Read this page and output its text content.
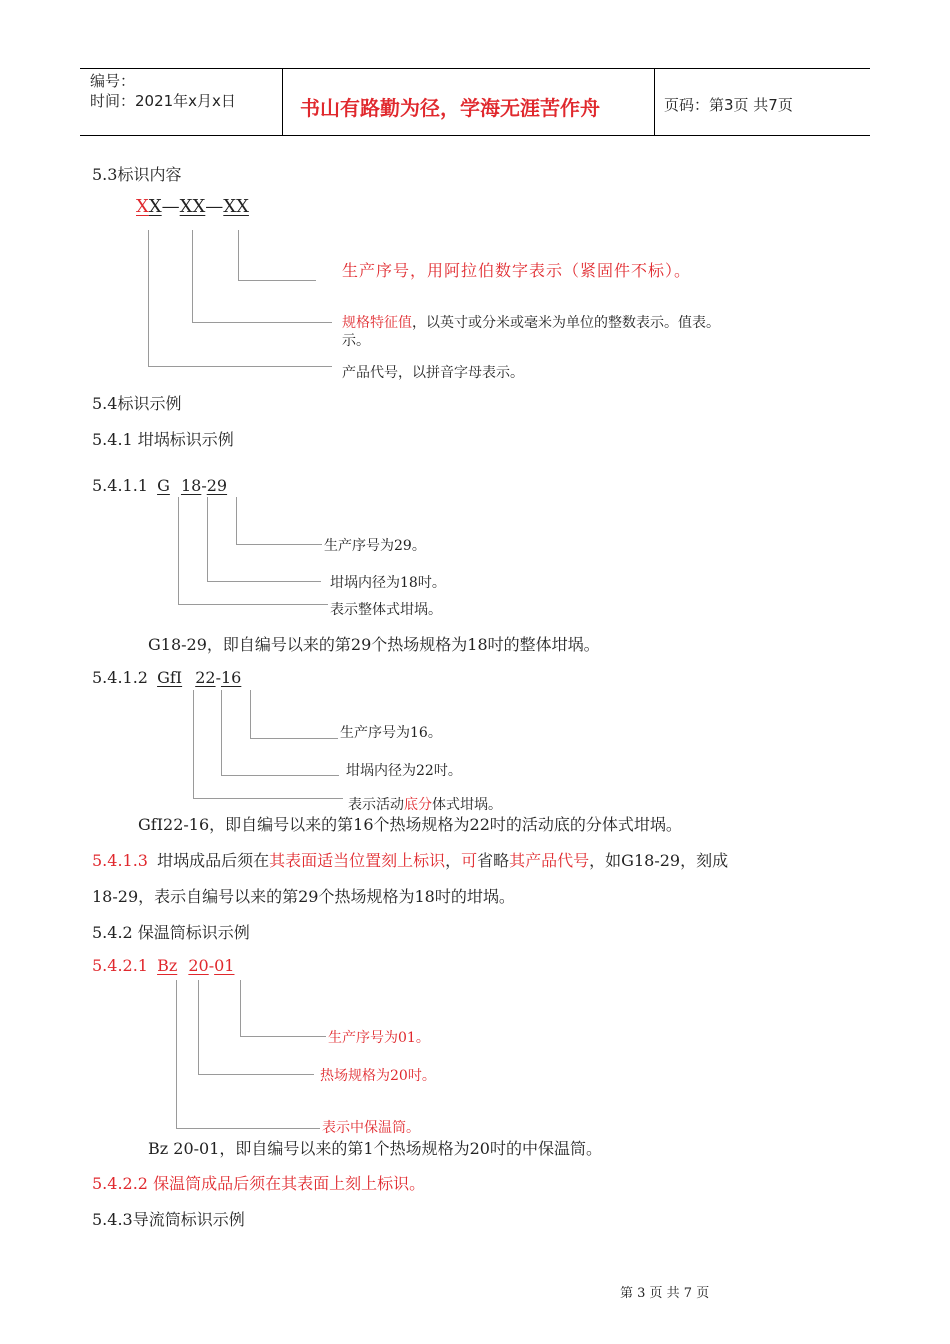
编号：
时间：2021年x月x日	书山有路勤为径，学海无涯苦作舟	页码：第3页 共7页
5.3标识内容
XX—XX—XX
生产序号，用阿拉伯数字表示（紧固件不标）。
规格特征值，以英寸或分米或毫米为单位的整数表示。值表。
示。
产品代号，以拼音字母表示。
5.4标识示例
5.4.1 坩埚标识示例
5.4.1.1 G 18-29
生产序号为29。
坩埚内径为18吋。
表示整体式坩埚。
G18-29，即自编号以来的第29个热场规格为18吋的整体坩埚。
5.4.1.2 GfⅠ 22-16
生产序号为16。
坩埚内径为22吋。
表示活动底分体式坩埚。
GfⅠ22-16，即自编号以来的第16个热场规格为22吋的活动底的分体式坩埚。
5.4.1.3 坩埚成品后须在其表面适当位置刻上标识，可省略其产品代号，如G18-29，刻成
18-29，表示自编号以来的第29个热场规格为18吋的坩埚。
5.4.2 保温筒标识示例
5.4.2.1 Bz 20-01
生产序号为01。
热场规格为20吋。
表示中保温筒。
Bz 20-01，即自编号以来的第1个热场规格为20吋的中保温筒。
5.4.2.2 保温筒成品后须在其表面上刻上标识。
5.4.3导流筒标识示例
第 3 页 共 7 页
